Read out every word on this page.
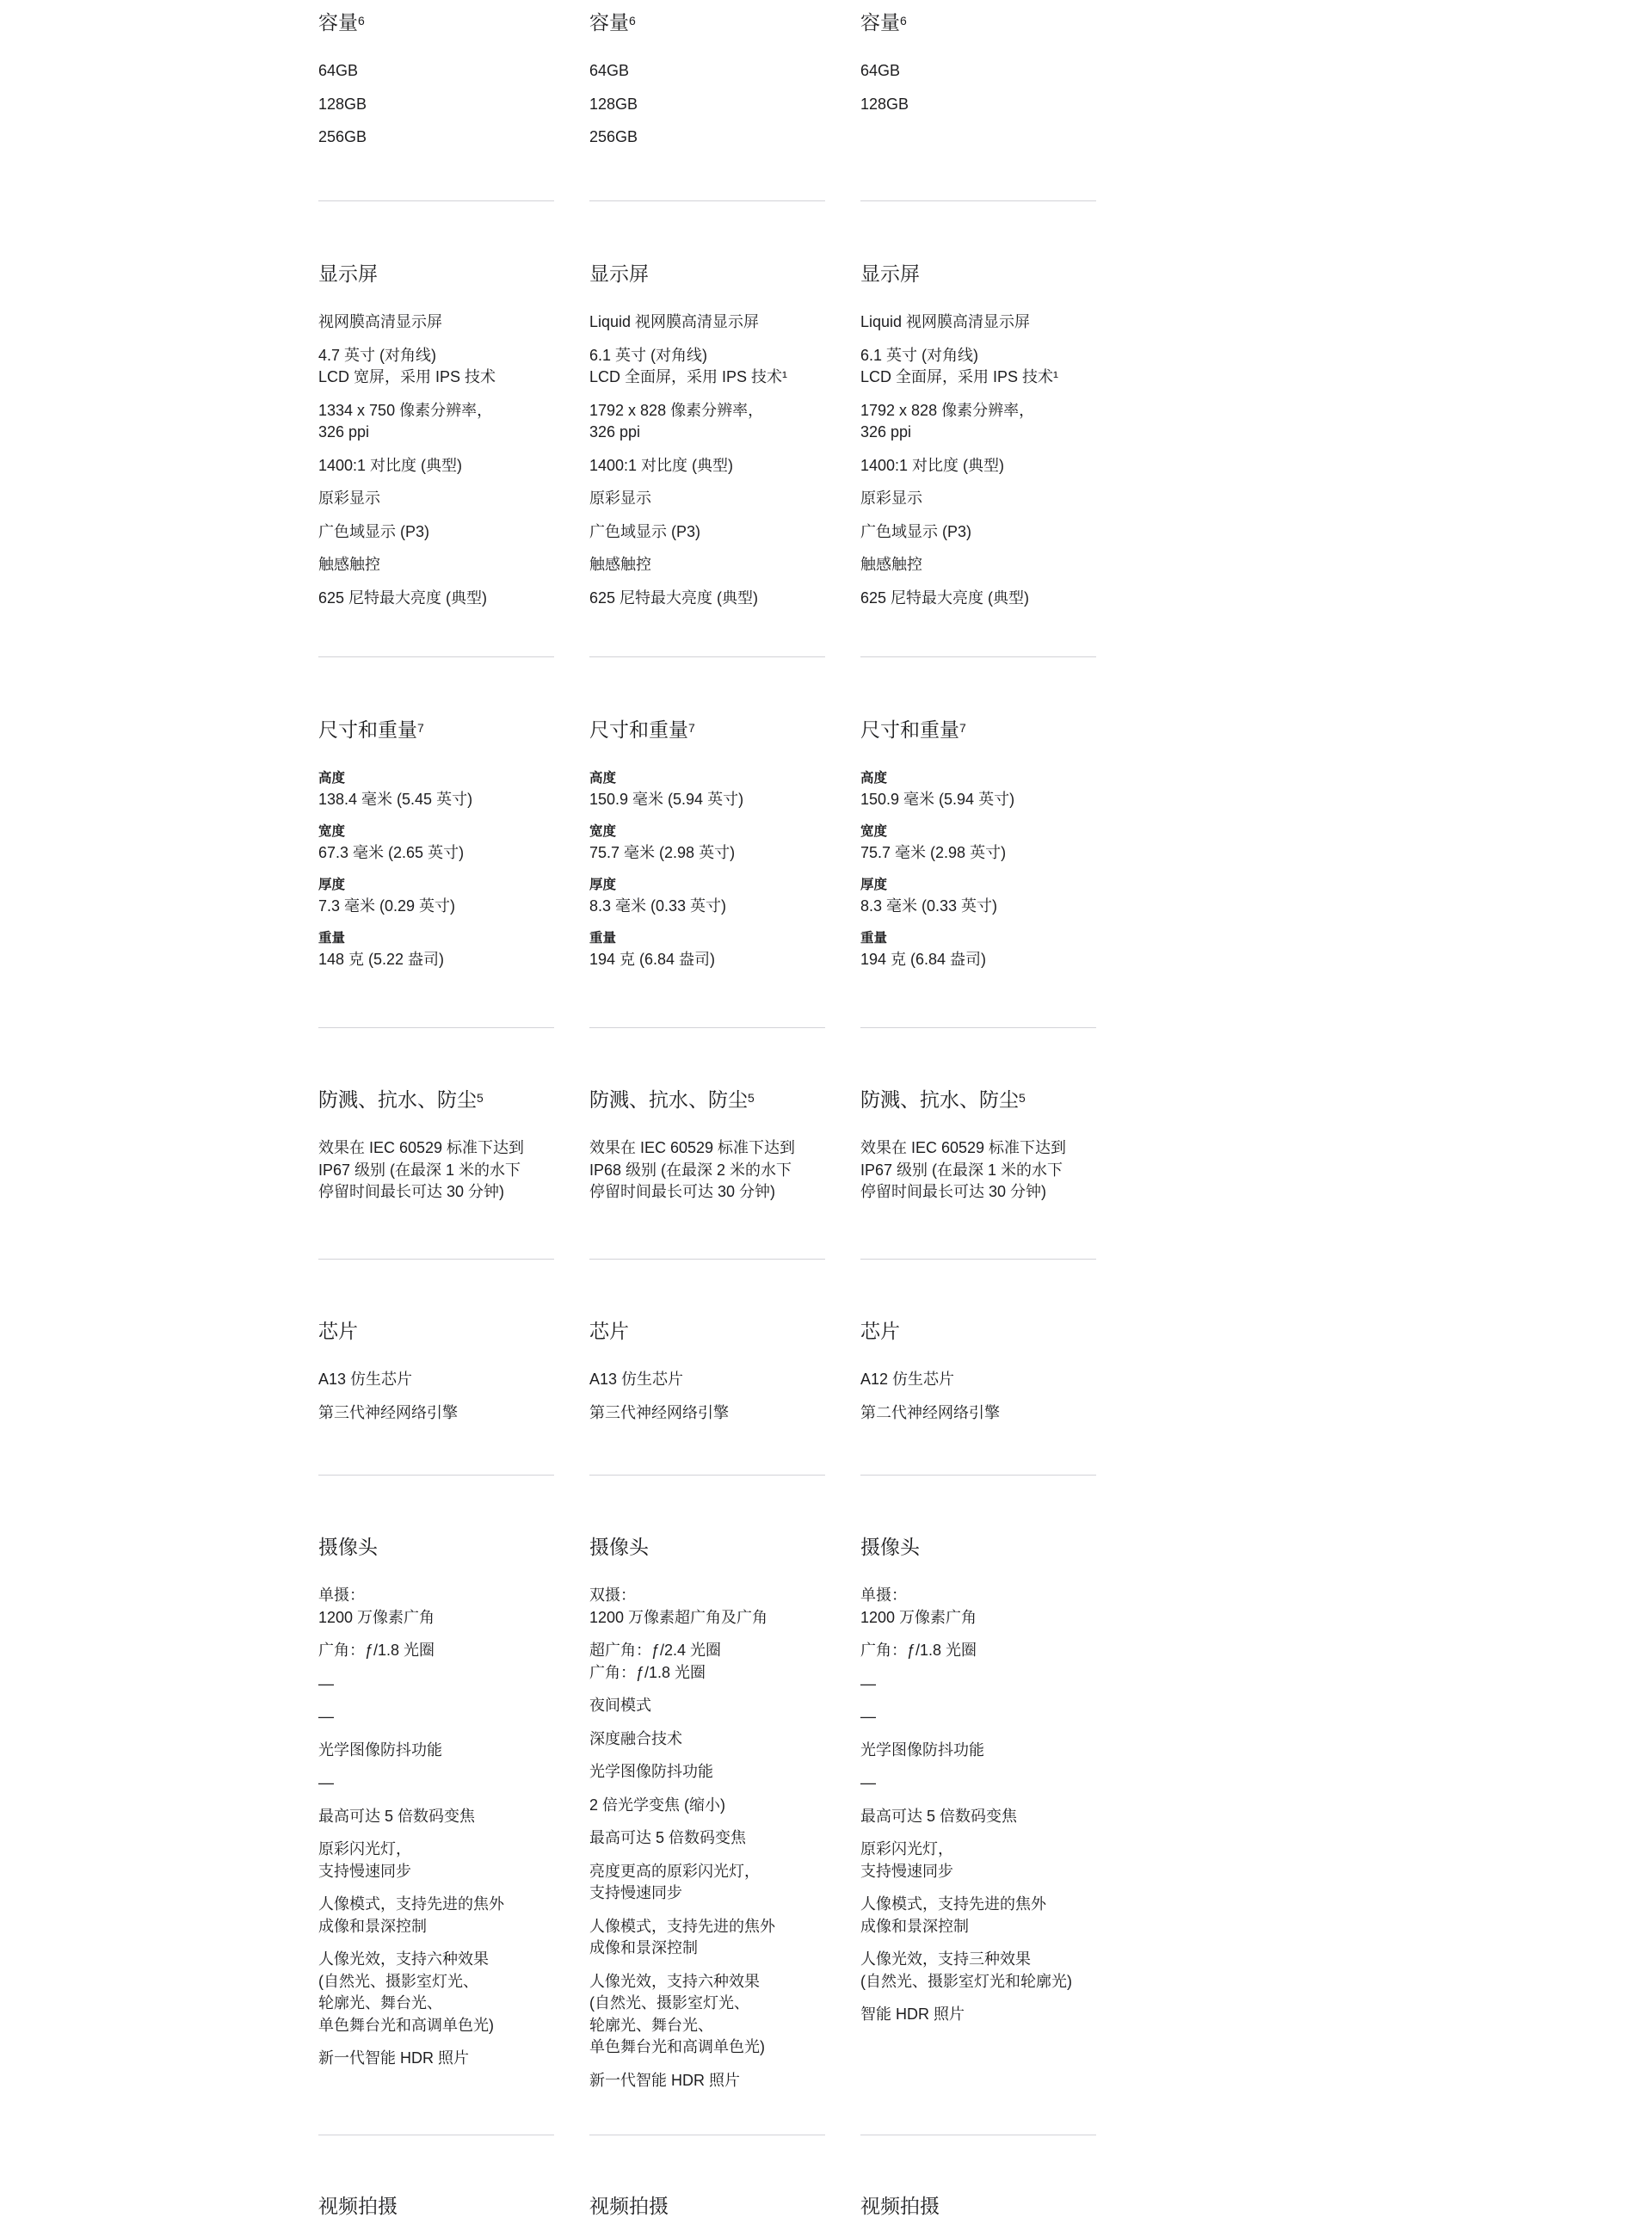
容量$^6$
64GB
128GB
256GB
显示屏
视网膜高清显示屏
4.7 英寸 (对角线)
LCD 宽屏，采用 IPS 技术
1334 x 750 像素分辨率，
326 ppi
1400:1 对比度 (典型)
原彩显示
广色域显示 (P3)
触感触控
625 尼特最大亮度 (典型)
尺寸和重量$^7$
高度
138.4 毫米 (5.45 英寸)
宽度
67.3 毫米 (2.65 英寸)
厚度
7.3 毫米 (0.29 英寸)
重量
148 克 (5.22 盎司)
防溅、抗水、防尘$^5$
效果在 IEC 60529 标准下达到
IP67 级别 (在最深 1 米的水下
停留时间最长可达 30 分钟)
芯片
A13 仿生芯片
第三代神经网络引擎
摄像头
单摄：
1200 万像素广角
广角：ƒ/1.8 光圈
—
—
光学图像防抖功能
—
最高可达 5 倍数码变焦
原彩闪光灯，
支持慢速同步
人像模式，支持先进的焦外
成像和景深控制
人像光效，支持六种效果
(自然光、摄影室灯光、
轮廓光、舞台光、
单色舞台光和高调单色光)
新一代智能 HDR 照片
视频拍摄
容量$^6$
64GB
128GB
256GB
显示屏
Liquid 视网膜高清显示屏
6.1 英寸 (对角线)
LCD 全面屏，采用 IPS 技术¹
1792 x 828 像素分辨率，
326 ppi
1400:1 对比度 (典型)
原彩显示
广色域显示 (P3)
触感触控
625 尼特最大亮度 (典型)
尺寸和重量$^7$
高度
150.9 毫米 (5.94 英寸)
宽度
75.7 毫米 (2.98 英寸)
厚度
8.3 毫米 (0.33 英寸)
重量
194 克 (6.84 盎司)
防溅、抗水、防尘$^5$
效果在 IEC 60529 标准下达到
IP68 级别 (在最深 2 米的水下
停留时间最长可达 30 分钟)
芯片
A13 仿生芯片
第三代神经网络引擎
摄像头
双摄：
1200 万像素超广角及广角
超广角：ƒ/2.4 光圈
广角：ƒ/1.8 光圈
夜间模式
深度融合技术
光学图像防抖功能
2 倍光学变焦 (缩小)
最高可达 5 倍数码变焦
亮度更高的原彩闪光灯，
支持慢速同步
人像模式，支持先进的焦外
成像和景深控制
人像光效，支持六种效果
(自然光、摄影室灯光、
轮廓光、舞台光、
单色舞台光和高调单色光)
新一代智能 HDR 照片
视频拍摄
容量$^6$
64GB
128GB
显示屏
Liquid 视网膜高清显示屏
6.1 英寸 (对角线)
LCD 全面屏，采用 IPS 技术¹
1792 x 828 像素分辨率，
326 ppi
1400:1 对比度 (典型)
原彩显示
广色域显示 (P3)
触感触控
625 尼特最大亮度 (典型)
尺寸和重量$^7$
高度
150.9 毫米 (5.94 英寸)
宽度
75.7 毫米 (2.98 英寸)
厚度
8.3 毫米 (0.33 英寸)
重量
194 克 (6.84 盎司)
防溅、抗水、防尘$^5$
效果在 IEC 60529 标准下达到
IP67 级别 (在最深 1 米的水下
停留时间最长可达 30 分钟)
芯片
A12 仿生芯片
第二代神经网络引擎
摄像头
单摄：
1200 万像素广角
广角：ƒ/1.8 光圈
—
—
光学图像防抖功能
—
最高可达 5 倍数码变焦
原彩闪光灯，
支持慢速同步
人像模式，支持先进的焦外
成像和景深控制
人像光效，支持三种效果
(自然光、摄影室灯光和轮廓光)
智能 HDR 照片
视频拍摄
